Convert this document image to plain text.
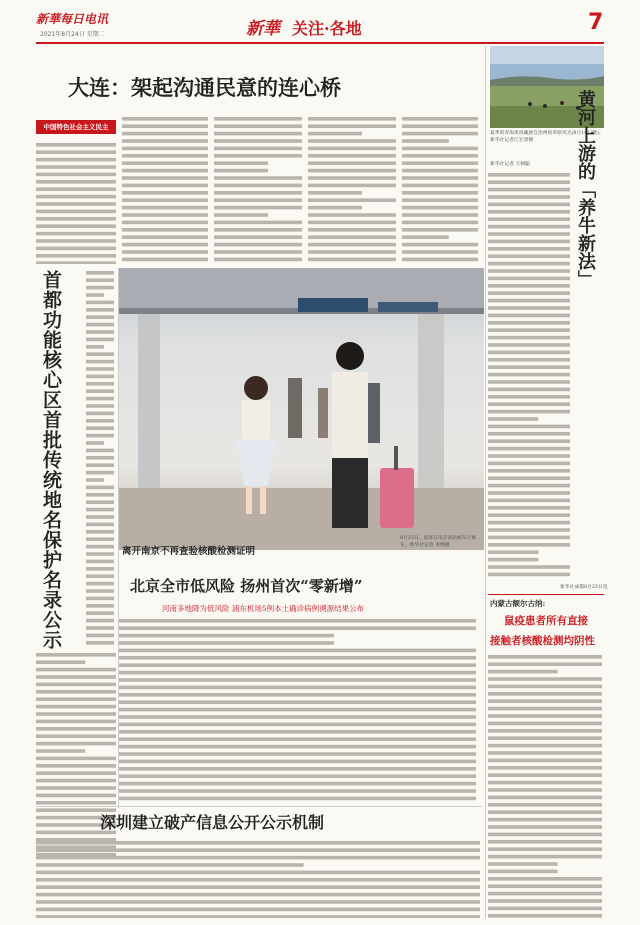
新華每日电讯
2021年8月24日 星期二	新華 关注·各地	7
大连：架起沟通民意的连心桥
中国特色社会主义民主
首都功能核心区首批传统地名保护名录公示	离开南京不再查验核酸检测证明
8月23日，旅客在南京南站候车厅候车。新华社记者 李博摄
夏季的青海果洛藏族自治州的草原风光(8月16日摄)。新华社记者江宏景摄	黄河上游的「养牛新法」
新华社记者 王朝聪
新华社成都8月23日电
北京全市低风险 扬州首次“零新增”
河南多地降为低风险 浦东机场5例本土确诊病例溯源结果公布
内蒙古额尔古纳:
鼠疫患者所有直接
接触者核酸检测均阴性
深圳建立破产信息公开公示机制
